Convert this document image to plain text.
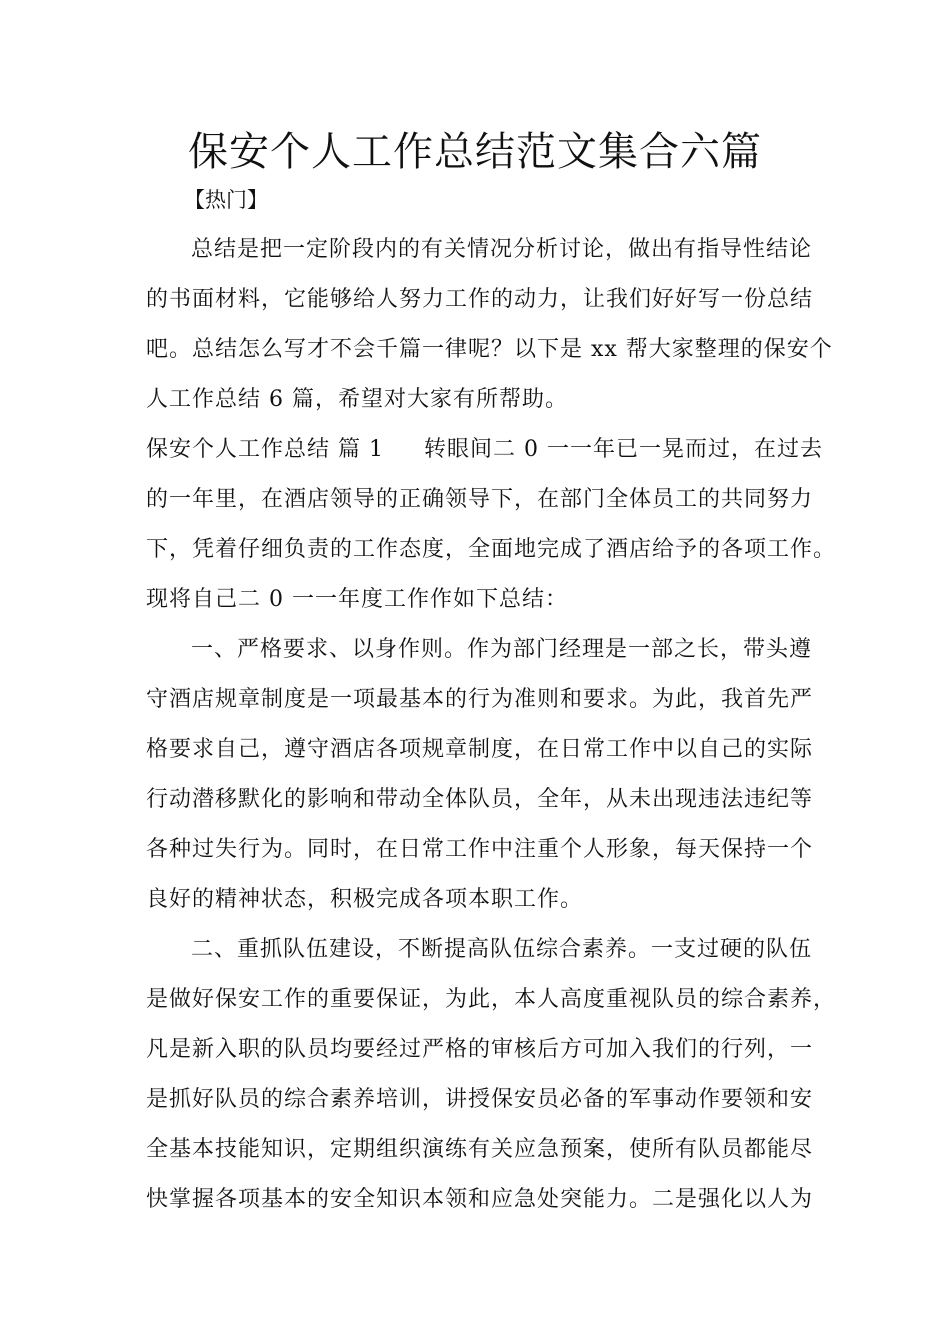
保安个人工作总结范文集合六篇
【热门】
总结是把一定阶段内的有关情况分析讨论，做出有指导性结论
的书面材料，它能够给人努力工作的动力，让我们好好写一份总结
吧。总结怎么写才不会千篇一律呢？以下是 xx 帮大家整理的保安个
人工作总结 6 篇，希望对大家有所帮助。
保安个人工作总结 篇 1 转眼间二 0 一一年已一晃而过，在过去
的一年里，在酒店领导的正确领导下，在部门全体员工的共同努力
下，凭着仔细负责的工作态度，全面地完成了酒店给予的各项工作。
现将自己二 0 一一年度工作作如下总结：
一、严格要求、以身作则。作为部门经理是一部之长，带头遵
守酒店规章制度是一项最基本的行为准则和要求。为此，我首先严
格要求自己，遵守酒店各项规章制度，在日常工作中以自己的实际
行动潜移默化的影响和带动全体队员，全年，从未出现违法违纪等
各种过失行为。同时，在日常工作中注重个人形象，每天保持一个
良好的精神状态，积极完成各项本职工作。
二、重抓队伍建设，不断提高队伍综合素养。一支过硬的队伍
是做好保安工作的重要保证，为此，本人高度重视队员的综合素养，
凡是新入职的队员均要经过严格的审核后方可加入我们的行列，一
是抓好队员的综合素养培训，讲授保安员必备的军事动作要领和安
全基本技能知识，定期组织演练有关应急预案，使所有队员都能尽
快掌握各项基本的安全知识本领和应急处突能力。二是强化以人为
